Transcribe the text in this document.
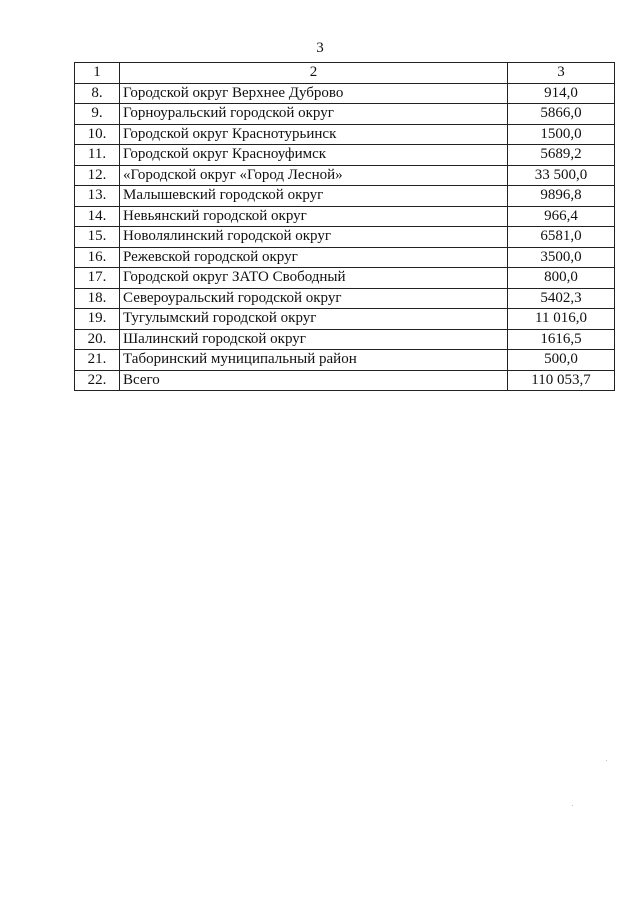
3
1	2	3
8.	Городской округ Верхнее Дуброво	914,0
9.	Горноуральский городской округ	5866,0
10.	Городской округ Краснотурьинск	1500,0
11.	Городской округ Красноуфимск	5689,2
12.	«Городской округ «Город Лесной»	33 500,0
13.	Малышевский городской округ	9896,8
14.	Невьянский городской округ	966,4
15.	Новолялинский городской округ	6581,0
16.	Режевской городской округ	3500,0
17.	Городской округ ЗАТО Свободный	800,0
18.	Североуральский городской округ	5402,3
19.	Тугулымский городской округ	11 016,0
20.	Шалинский городской округ	1616,5
21.	Таборинский муниципальный район	500,0
22.	Всего	110 053,7
